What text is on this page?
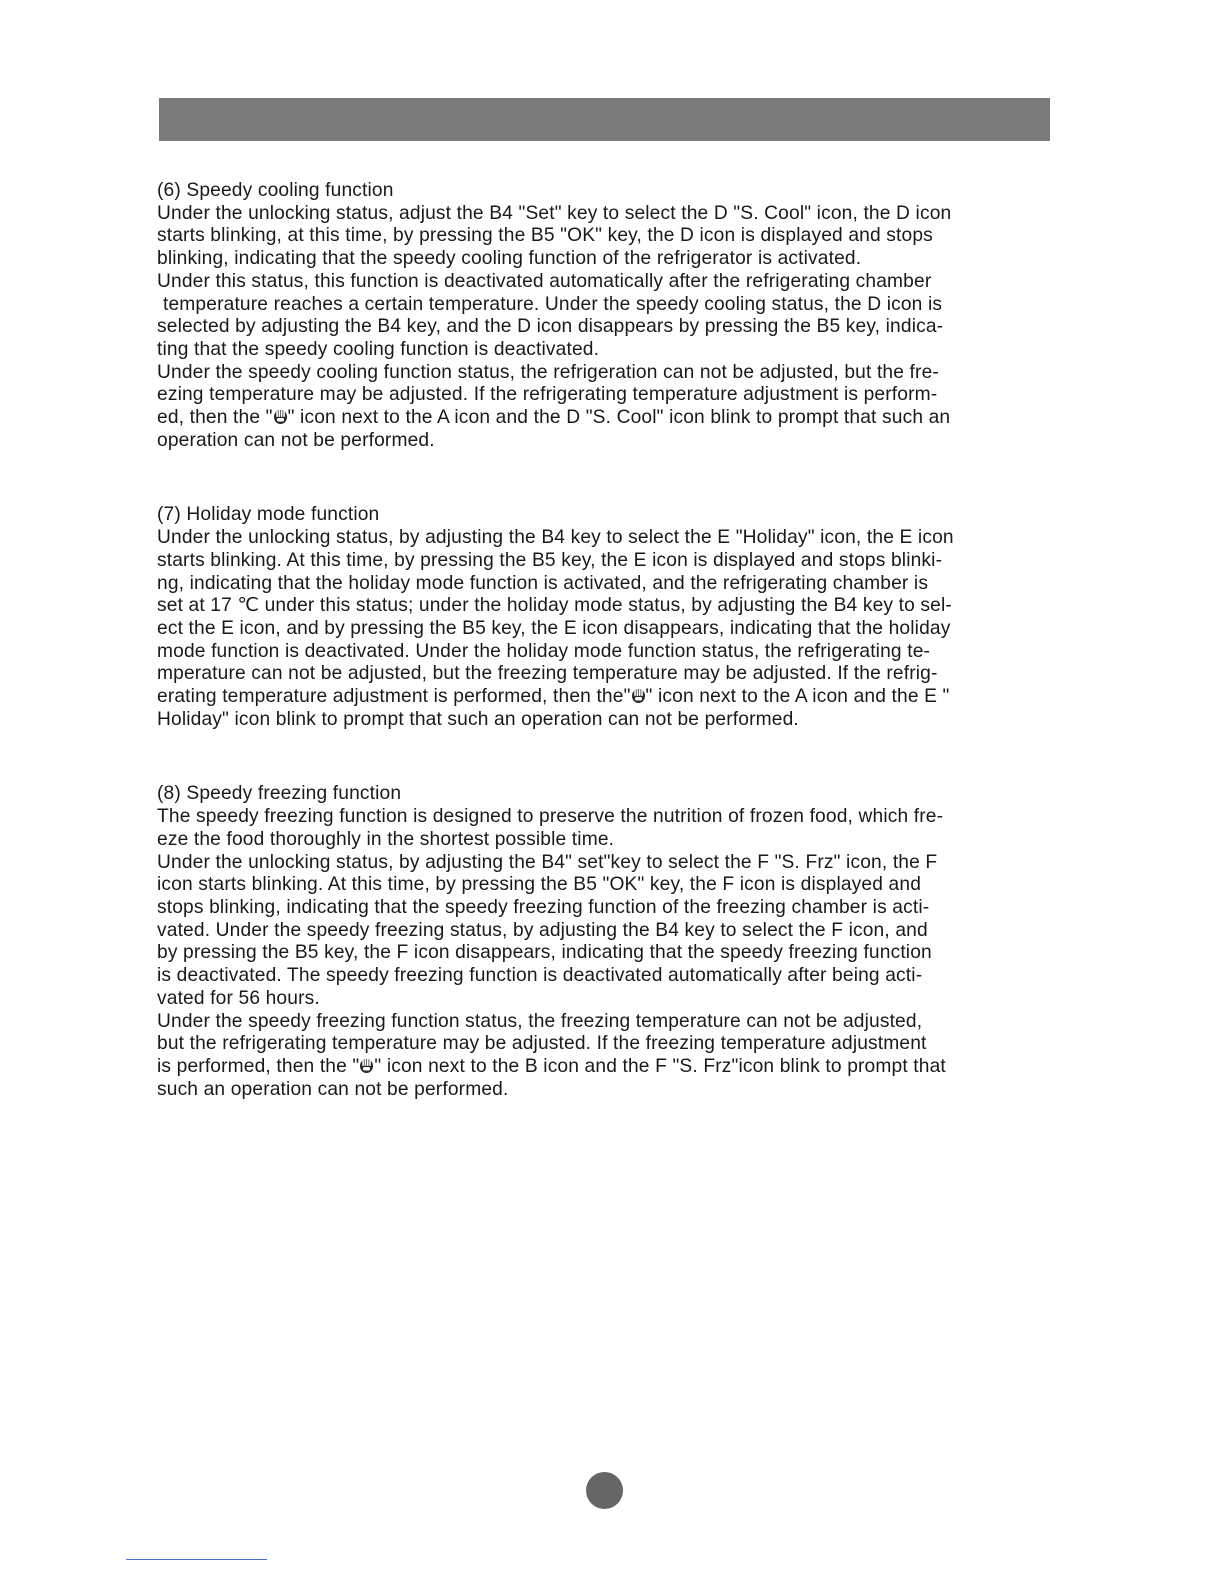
(6) Speedy cooling function

Under the unlocking status, adjust the B4 "Set" key to select the D "S. Cool" icon, the D icon
starts blinking, at this time, by pressing the B5 "OK" key, the D icon is displayed and stops
blinking, indicating that the speedy cooling function of the refrigerator is activated.
Under this status, this function is deactivated automatically after the refrigerating chamber
temperature reaches a certain temperature. Under the speedy cooling status, the D icon is
selected by adjusting the B4 key, and the D icon disappears by pressing the B5 key, indica-
ting that the speedy cooling function is deactivated.
Under the speedy cooling function status, the refrigeration can not be adjusted, but the fre-
ezing temperature may be adjusted. If the refrigerating temperature adjustment is perform-
ed, then the " " icon next to the A icon and the D "S. Cool" icon blink to prompt that such an
operation can not be performed.

(7) Holiday mode function

Under the unlocking status, by adjusting the B4 key to select the E "Holiday" icon, the E icon
starts blinking. At this time, by pressing the B5 key, the E icon is displayed and stops blinki-
ng, indicating that the holiday mode function is activated, and the refrigerating chamber is
set at 17 ℃ under this status; under the holiday mode status, by adjusting the B4 key to sel-
ect the E icon, and by pressing the B5 key, the E icon disappears, indicating that the holiday
mode function is deactivated. Under the holiday mode function status, the refrigerating te-
mperature can not be adjusted, but the freezing temperature may be adjusted. If the refrig-
erating temperature adjustment is performed, then the" " icon next to the A icon and the E "
Holiday" icon blink to prompt that such an operation can not be performed.

(8) Speedy freezing function

The speedy freezing function is designed to preserve the nutrition of frozen food, which fre-
eze the food thoroughly in the shortest possible time.
Under the unlocking status, by adjusting the B4" set"key to select the F "S. Frz" icon, the F
icon starts blinking. At this time, by pressing the B5 "OK" key, the F icon is displayed and
stops blinking, indicating that the speedy freezing function of the freezing chamber is acti-
vated. Under the speedy freezing status, by adjusting the B4 key to select the F icon, and
by pressing the B5 key, the F icon disappears, indicating that the speedy freezing function
is deactivated. The speedy freezing function is deactivated automatically after being acti-
vated for 56 hours.
Under the speedy freezing function status, the freezing temperature can not be adjusted,
but the refrigerating temperature may be adjusted. If the freezing temperature adjustment
is performed, then the " " icon next to the B icon and the F "S. Frz"icon blink to prompt that
such an operation can not be performed.
